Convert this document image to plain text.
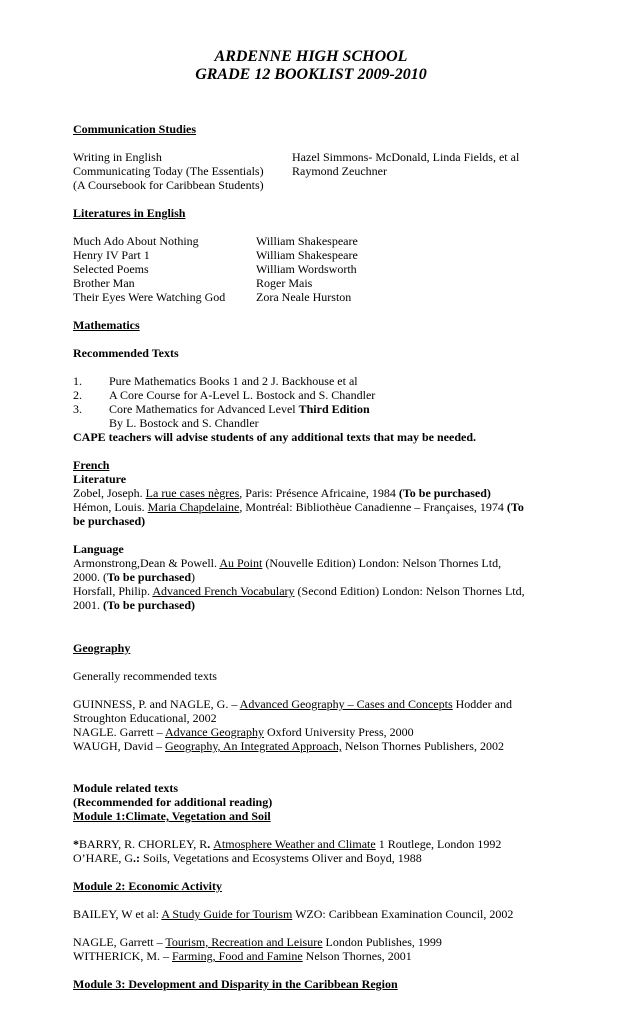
ARDENNE HIGH SCHOOL
GRADE 12 BOOKLIST 2009-2010
Communication Studies
Writing in English	Hazel Simmons- McDonald, Linda Fields, et al
Communicating Today (The Essentials) Raymond Zeuchner
(A Coursebook for Caribbean Students)
Literatures in English
Much Ado About Nothing	William Shakespeare
Henry IV Part 1	William Shakespeare
Selected Poems	William Wordsworth
Brother Man	Roger Mais
Their Eyes Were Watching God	Zora Neale Hurston
Mathematics
Recommended Texts
1. Pure Mathematics Books 1 and 2 J. Backhouse et al
2. A Core Course for A-Level L. Bostock and S. Chandler
3. Core Mathematics for Advanced Level Third Edition
By L. Bostock and S. Chandler
CAPE teachers will advise students of any additional texts that may be needed.
French
Literature
Zobel, Joseph. La rue cases nègres, Paris: Présence Africaine, 1984 (To be purchased)
Hémon, Louis. Maria Chapdelaine, Montréal: Bibliothèue Canadienne – Françaises, 1974 (To
be purchased)
Language
Armonstrong,Dean & Powell. Au Point (Nouvelle Edition) London: Nelson Thornes Ltd,
2000. (To be purchased)
Horsfall, Philip. Advanced French Vocabulary (Second Edition) London: Nelson Thornes Ltd,
2001. (To be purchased)
Geography
Generally recommended texts
GUINNESS, P. and NAGLE, G. – Advanced Geography – Cases and Concepts Hodder and
Stroughton Educational, 2002
NAGLE. Garrett – Advance Geography Oxford University Press, 2000
WAUGH, David – Geography, An Integrated Approach, Nelson Thornes Publishers, 2002
Module related texts
(Recommended for additional reading)
Module 1:Climate, Vegetation and Soil
*BARRY, R. CHORLEY, R. Atmosphere Weather and Climate 1 Routlege, London 1992
O’HARE, G.: Soils, Vegetations and Ecosystems Oliver and Boyd, 1988
Module 2: Economic Activity
BAILEY, W et al: A Study Guide for Tourism WZO: Caribbean Examination Council, 2002
NAGLE, Garrett – Tourism, Recreation and Leisure London Publishes, 1999
WITHERICK, M. – Farming, Food and Famine Nelson Thornes, 2001
Module 3: Development and Disparity in the Caribbean Region
